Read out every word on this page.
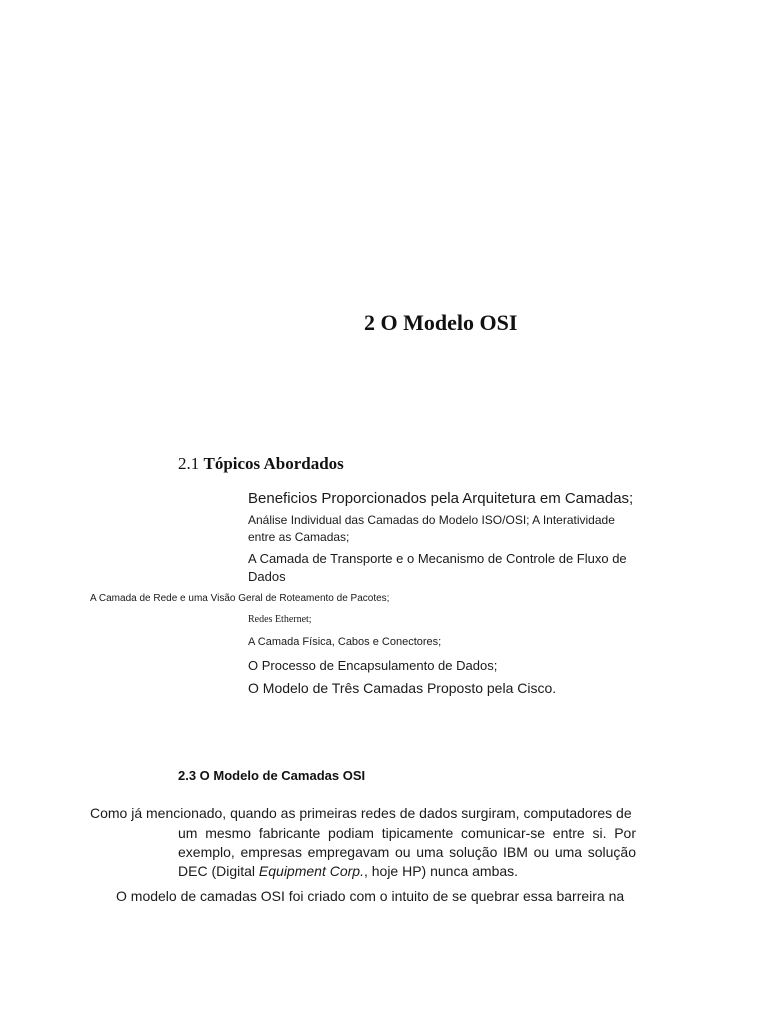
2 O Modelo OSI
2.1 Tópicos Abordados
Beneficios Proporcionados pela Arquitetura em Camadas;
Análise Individual das Camadas do Modelo ISO/OSI; A Interatividade
entre as Camadas;
A Camada de Transporte e o Mecanismo de Controle de Fluxo de
Dados
A Camada de Rede e uma Visão Geral de Roteamento de Pacotes;
Redes Ethernet;
A Camada Física, Cabos e Conectores;
O Processo de Encapsulamento de Dados;
O Modelo de Três Camadas Proposto pela Cisco.
2.3 O Modelo de Camadas OSI
Como já mencionado, quando as primeiras redes de dados surgiram, computadores de
um mesmo fabricante podiam tipicamente comunicar-se entre si. Por exemplo, empresas empregavam ou uma solução IBM ou uma solução DEC (Digital Equipment Corp., hoje HP) nunca ambas.
O modelo de camadas OSI foi criado com o intuito de se quebrar essa barreira na
